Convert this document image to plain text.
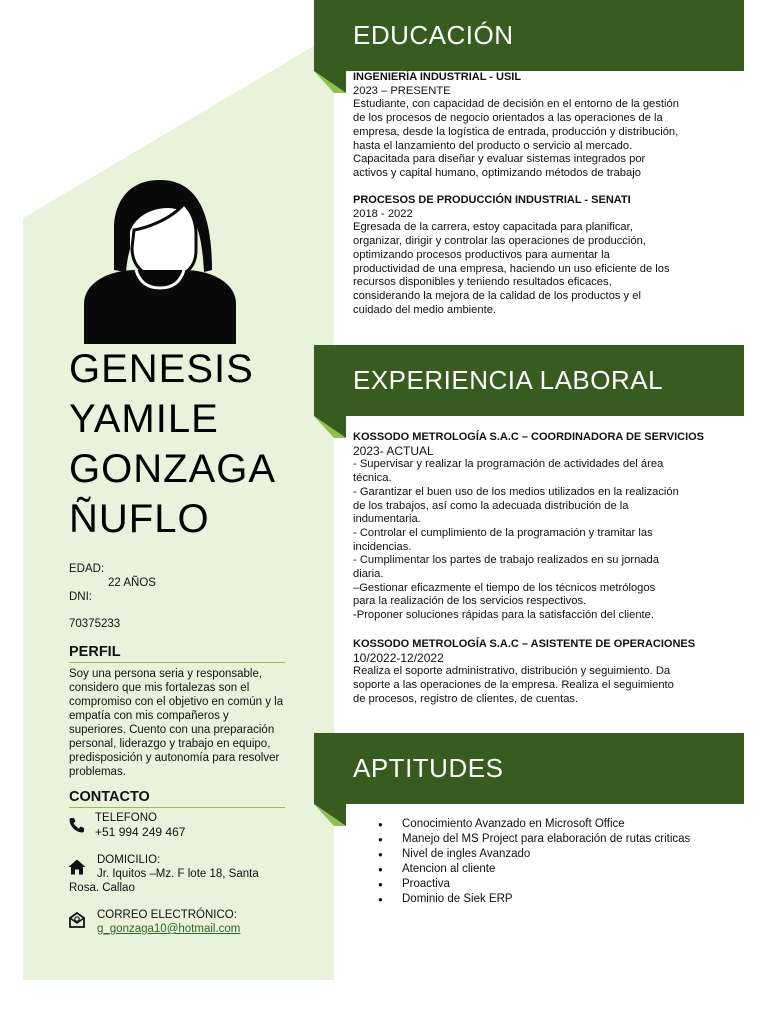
GENESIS
YAMILE
GONZAGA
ÑUFLO
EDAD:
22 AÑOS
DNI:
70375233
PERFIL
Soy una persona seria y responsable, considero que mis fortalezas son el compromiso con el objetivo en común y la empatía con mis compañeros y superiores. Cuento con una preparación personal, liderazgo y trabajo en equipo, predisposición y autonomía para resolver problemas.
CONTACTO
TELEFONO
+51 994 249 467
DOMICILIO:
Jr. Iquitos –Mz. F lote 18, Santa
Rosa. Callao
CORREO ELECTRÓNICO:
g_gonzaga10@hotmail.com
EDUCACIÓN
INGENIERÍA INDUSTRIAL - USIL
2023 – PRESENTE
Estudiante, con capacidad de decisión en el entorno de la gestión
de los procesos de negocio orientados a las operaciones de la
empresa, desde la logística de entrada, producción y distribución,
hasta el lanzamiento del producto o servicio al mercado.
Capacitada para diseñar y evaluar sistemas integrados por
activos y capital humano, optimizando métodos de trabajo
PROCESOS DE PRODUCCIÓN INDUSTRIAL - SENATI
2018 - 2022
Egresada de la carrera, estoy capacitada para planificar,
organizar, dirigir y controlar las operaciones de producción,
optimizando procesos productivos para aumentar la
productividad de una empresa, haciendo un uso eficiente de los
recursos disponibles y teniendo resultados eficaces,
considerando la mejora de la calidad de los productos y el
cuidado del medio ambiente.
EXPERIENCIA LABORAL
KOSSODO METROLOGÍA S.A.C – COORDINADORA DE SERVICIOS
2023- ACTUAL
- Supervisar y realizar la programación de actividades del área
técnica.
- Garantizar el buen uso de los medios utilizados en la realización
de los trabajos, así como la adecuada distribución de la
indumentaria.
- Controlar el cumplimiento de la programación y tramitar las
incidencias.
- Cumplimentar los partes de trabajo realizados en su jornada
diaria.
–Gestionar eficazmente el tiempo de los técnicos metrólogos
para la realización de los servicios respectivos.
-Proponer soluciones rápidas para la satisfacción del cliente.
KOSSODO METROLOGÍA S.A.C – ASISTENTE DE OPERACIONES
10/2022-12/2022
Realiza el soporte administrativo, distribución y seguimiento. Da
soporte a las operaciones de la empresa. Realiza el seguimiento
de procesos, registro de clientes, de cuentas.
APTITUDES
● Conocimiento Avanzado en Microsoft Office
● Manejo del MS Project para elaboración de rutas criticas
● Nivel de ingles Avanzado
● Atencion al cliente
● Proactiva
● Dominio de Siek ERP
